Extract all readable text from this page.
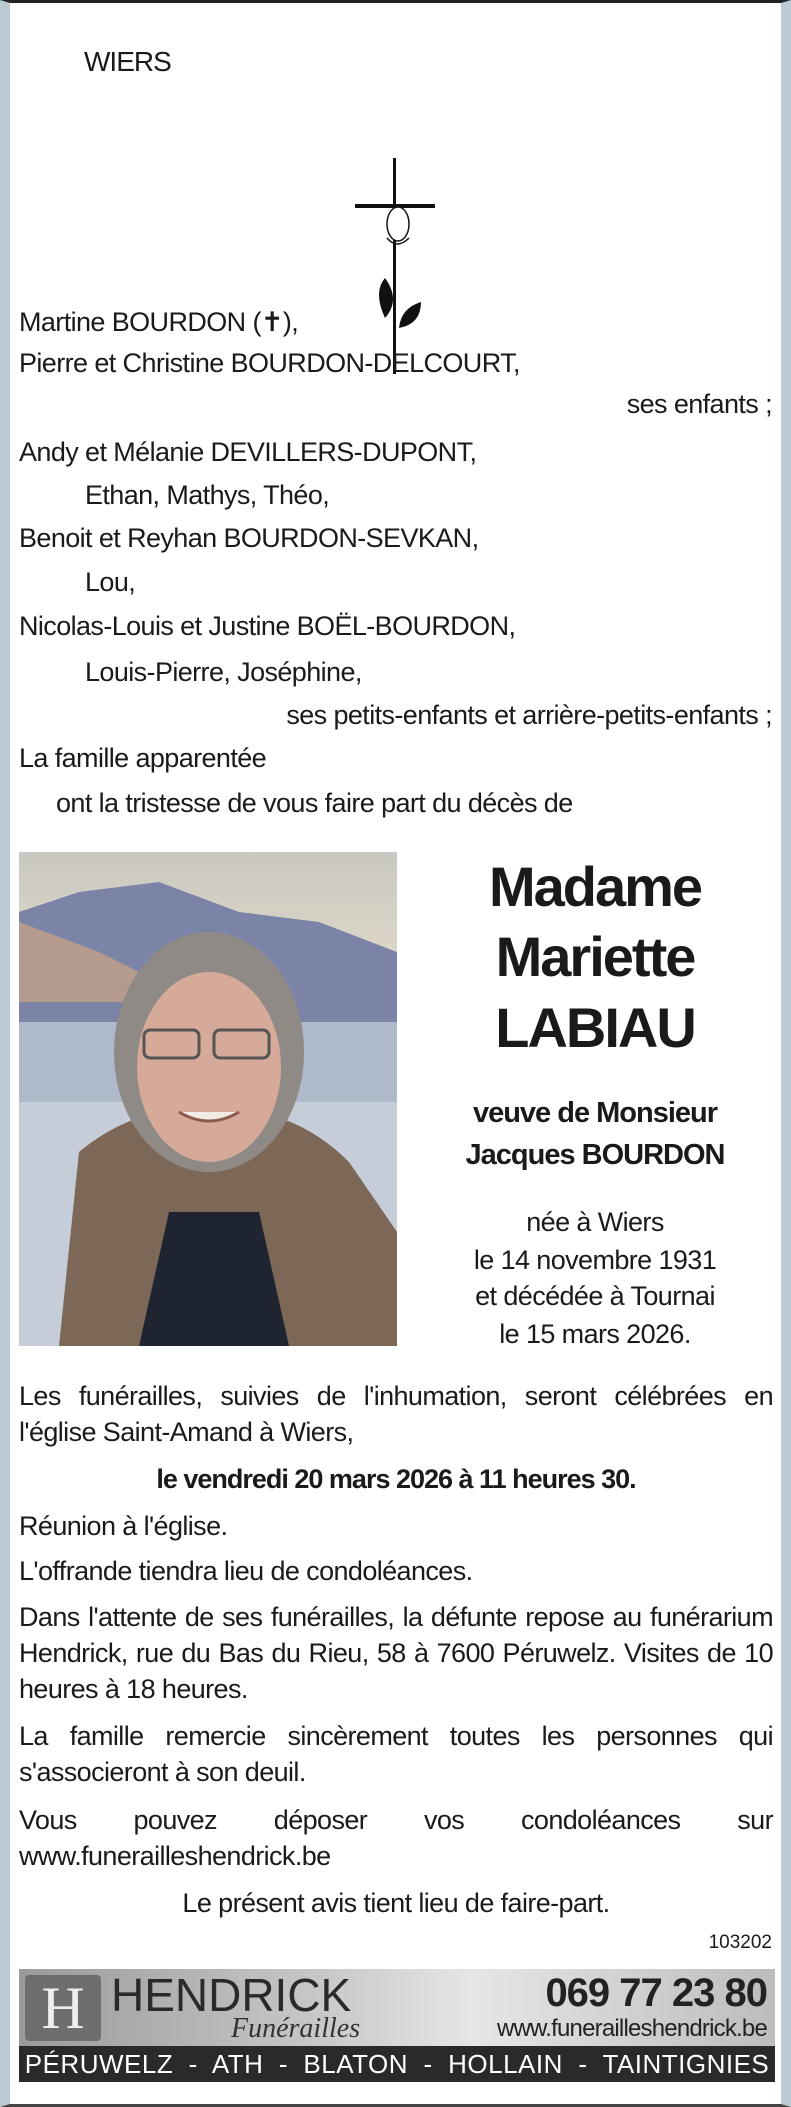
WIERS
Martine BOURDON (✝),
Pierre et Christine BOURDON-DELCOURT,
ses enfants ;
Andy et Mélanie DEVILLERS-DUPONT,
Ethan, Mathys, Théo,
Benoit et Reyhan BOURDON-SEVKAN,
Lou,
Nicolas-Louis et Justine BOËL-BOURDON,
Louis-Pierre, Joséphine,
ses petits-enfants et arrière-petits-enfants ;
La famille apparentée
ont la tristesse de vous faire part du décès de
Madame
Mariette
LABIAU
veuve de Monsieur
Jacques BOURDON
née à Wiers
le 14 novembre 1931
et décédée à Tournai
le 15 mars 2026.
Les funérailles, suivies de l'inhumation, seront célébrées en l'église Saint-Amand à Wiers,
le vendredi 20 mars 2026 à 11 heures 30.
Réunion à l'église.
L'offrande tiendra lieu de condoléances.
Dans l'attente de ses funérailles, la défunte repose au funérarium Hendrick, rue du Bas du Rieu, 58 à 7600 Péruwelz. Visites de 10 heures à 18 heures.
La famille remercie sincèrement toutes les personnes qui s'associeront à son deuil.
Vous pouvez déposer vos condoléances sur
www.funerailleshendrick.be
Le présent avis tient lieu de faire-part.
103202
H HENDRICK
Funérailles
069 77 23 80
www.funerailleshendrick.be
PÉRUWELZ  -  ATH  -  BLATON  -  HOLLAIN  -  TAINTIGNIES
